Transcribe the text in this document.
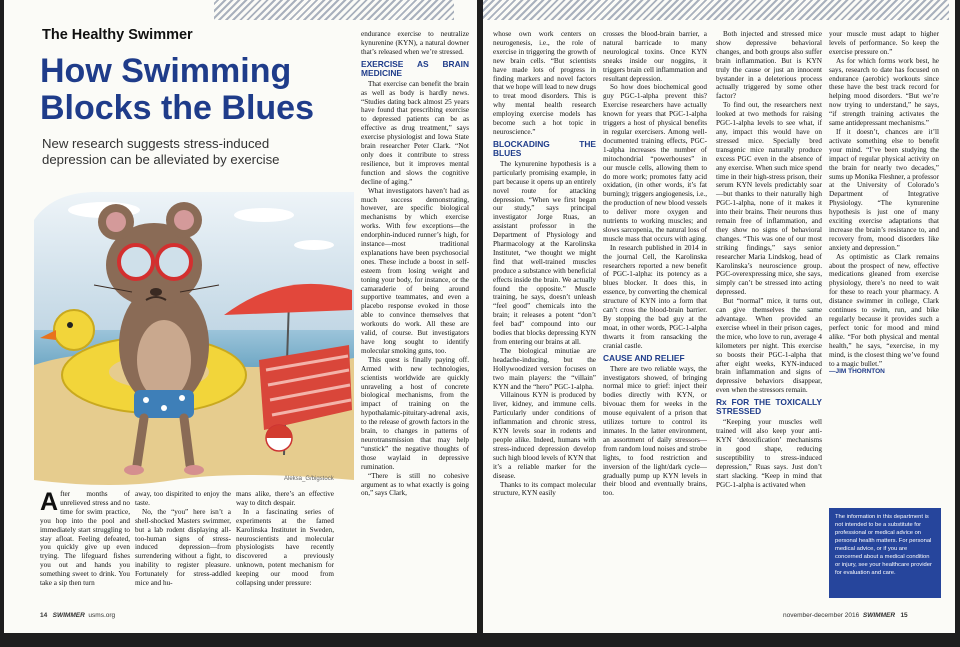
The Healthy Swimmer
How Swimming
Blocks the Blues
New research suggests stress-induced
depression can be alleviated by exercise
Aleksa_G/bigstock
After months of unrelieved stress and no time for swim practice, you hop into the pool and immediately start struggling to stay afloat. Feeling defeated, you quickly give up even trying. The lifeguard fishes you out and hands you something sweet to drink. You take a sip then turn

away, too dispirited to enjoy the taste.

No, the “you” here isn’t a shell-shocked Masters swimmer, but a lab rodent displaying all-too-human signs of stress-induced depression—from surrendering without a fight, to inability to register pleasure. Fortunately for stress-addled mice and hu-

mans alike, there’s an effective way to ditch despair.

In a fascinating series of experiments at the famed Karolinska Institutet in Sweden, neuroscientists and molecular physiologists have recently discovered a previously unknown, potent mechanism for keeping our mood from collapsing under pressure:

endurance exercise to neutralize kynurenine (KYN), a natural downer that’s released when we’re stressed.

EXERCISE AS BRAIN MEDICINE

That exercise can benefit the brain as well as body is hardly news. “Studies dating back almost 25 years have found that prescribing exercise to depressed patients can be as effective as drug treatment,” says exercise physiologist and Iowa State brain researcher Peter Clark. “Not only does it contribute to stress resilience, but it improves mental function and slows the cognitive decline of aging.”

What investigators haven’t had as much success demonstrating, however, are specific biological mechanisms by which exercise works. With few exceptions—the endorphin-induced runner’s high, for instance—most traditional explanations have been psychosocial ones. These include a boost in self-esteem from losing weight and toning your body, for instance, or the camaraderie of being around supportive teammates, and even a placebo response evoked in those able to convince themselves that workouts do work. All these are valid, of course. But investigators have long sought to identify molecular smoking guns, too.

This quest is finally paying off. Armed with new technologies, scientists worldwide are quickly unraveling a host of concrete biological mechanisms, from the impact of training on the hypothalamic-pituitary-adrenal axis, to the release of growth factors in the brain, to changes in patterns of neurotransmission that may help “unstick” the negative thoughts of those waylaid in depressive rumination.

“There is still no cohesive argument as to what exactly is going on,” says Clark,

14 SWIMMER usms.org

whose own work centers on neurogenesis, i.e., the role of exercise in triggering the growth of new brain cells. “But scientists have made lots of progress in finding markers and novel factors that we hope will lead to new drugs to treat mood disorders. This is why mental health research employing exercise models has become such a hot topic in neuroscience.”

BLOCKADING THE BLUES

The kynurenine hypothesis is a particularly promising example, in part because it opens up an entirely novel route for attacking depression. “When we first began our study,” says principal investigator Jorge Ruas, an assistant professor in the Department of Physiology and Pharmacology at the Karolinska Institutet, “we thought we might find that well-trained muscles produce a substance with beneficial effects inside the brain. We actually found the opposite.” Muscle training, he says, doesn’t unleash “feel good” chemicals into the brain; it releases a potent “don’t feel bad” compound into our bodies that blocks depressing KYN from entering our brains at all.

The biological minutiae are headache-inducing, but the Hollywoodized version focuses on two main players: the “villain” KYN and the “hero” PGC-1-alpha.

Villainous KYN is produced by liver, kidney, and immune cells. Particularly under conditions of inflammation and chronic stress, KYN levels soar in rodents and people alike. Indeed, humans with stress-induced depression develop such high blood levels of KYN that it’s a reliable marker for the disease.

Thanks to its compact molecular structure, KYN easily

crosses the blood-brain barrier, a natural barricade to many neurological toxins. Once KYN sneaks inside our noggins, it triggers brain cell inflammation and resultant depression.

So how does biochemical good guy PGC-1-alpha prevent this? Exercise researchers have actually known for years that PGC-1-alpha triggers a host of physical benefits in regular exercisers. Among well-documented training effects, PGC-1-alpha increases the number of mitochondrial “powerhouses” in our muscle cells, allowing them to do more work; promotes fatty acid oxidation, (in other words, it’s fat burning); triggers angiogenesis, i.e., the production of new blood vessels to deliver more oxygen and nutrients to working muscles; and slows sarcopenia, the natural loss of muscle mass that occurs with aging.

In research published in 2014 in the journal Cell, the Karolinska researchers reported a new benefit of PGC-1-alpha: its potency as a blues blocker. It does this, in essence, by converting the chemical structure of KYN into a form that can’t cross the blood-brain barrier. By stopping the bad guy at the moat, in other words, PGC-1-alpha thwarts it from ransacking the cranial castle.

CAUSE AND RELIEF

There are two reliable ways, the investigators showed, of bringing normal mice to grief: inject their bodies directly with KYN, or bivouac them for weeks in the mouse equivalent of a prison that utilizes torture to control its inmates. In the latter environment, an assortment of daily stressors—from random loud noises and strobe lights, to food restriction and inversion of the light/dark cycle—gradually pump up KYN levels in their blood and eventually brains, too.

Both injected and stressed mice show depressive behavioral changes, and both groups also suffer brain inflammation. But is KYN truly the cause or just an innocent bystander in a deleterious process actually triggered by some other factor?

To find out, the researchers next looked at two methods for raising PGC-1-alpha levels to see what, if any, impact this would have on stressed mice. Specially bred transgenic mice naturally produce excess PGC even in the absence of any exercise. When such mice spend time in their high-stress prison, their serum KYN levels predictably soar—but thanks to their naturally high PGC-1-alpha, none of it makes it into their brains. Their neurons thus remain free of inflammation, and they show no signs of behavioral changes. “This was one of our most striking findings,” says senior researcher Maria Lindskog, head of Karolinska’s neuroscience group. PGC-overexpressing mice, she says, simply can’t be stressed into acting depressed.

But “normal” mice, it turns out, can give themselves the same advantage. When provided an exercise wheel in their prison cages, the mice, who love to run, average 4 kilometers per night. This exercise so boosts their PGC-1-alpha that after eight weeks, KYN-induced brain inflammation and signs of depressive behaviors disappear, even when the stressors remain.

Rx FOR THE TOXICALLY STRESSED

“Keeping your muscles well trained will also keep your anti-KYN ‘detoxification’ mechanisms in good shape, reducing susceptibility to stress-induced depression,” Ruas says. Just don’t start slacking. “Keep in mind that PGC-1-alpha is activated when

your muscle must adapt to higher levels of performance. So keep the exercise pressure on.”

As for which forms work best, he says, research to date has focused on endurance (aerobic) workouts since these have the best track record for helping mood disorders. “But we’re now trying to understand,” he says, “if strength training activates the same antidepressant mechanisms.”

If it doesn’t, chances are it’ll activate something else to benefit your mind. “I’ve been studying the impact of regular physical activity on the brain for nearly two decades,” sums up Monika Fleshner, a professor at the University of Colorado’s Department of Integrative Physiology. “The kynurenine hypothesis is just one of many exciting exercise adaptations that increase the brain’s resistance to, and recovery from, mood disorders like anxiety and depression.”

As optimistic as Clark remains about the prospect of new, effective medications gleaned from exercise physiology, there’s no need to wait for these to reach your pharmacy. A distance swimmer in college, Clark continues to swim, run, and bike regularly because it provides such a perfect tonic for mood and mind alike. “For both physical and mental health,” he says, “exercise, in my mind, is the closest thing we’ve found to a magic bullet.”

—JIM THORNTON

The information in this department is not intended to be a substitute for professional or medical advice on personal health matters. For personal medical advice, or if you are concerned about a medical condition or injury, see your healthcare provider for evaluation and care.
november-december 2016 SWIMMER 15
